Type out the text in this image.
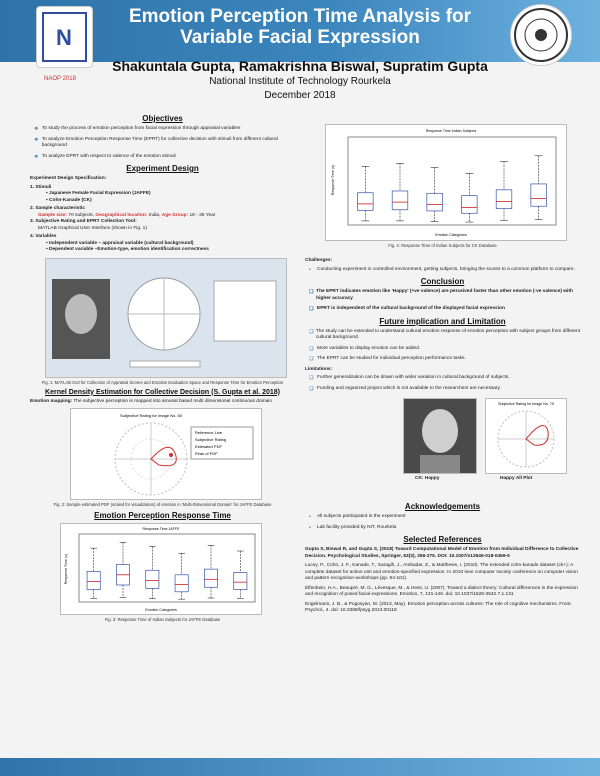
N
Emotion Perception Time Analysis for
Variable Facial Expression
NAOP 2018
Shakuntala Gupta, Ramakrishna Biswal, Supratim Gupta
National Institute of Technology Rourkela
December 2018
Objectives
❖ To study the process of emotion perception from facial expression through appraisal variables
❖ To analyze Emotion Perception Response Time (EPRT) for collective decision with stimuli from different cultural background
❖ To analyze EPRT with respect to valence of the emotion stimuli
Experiment Design
Experiment Design Specification:
1. Stimuli
▪ Japanese Female Facial Expression (JAFFE)
▪ Cohn-Kanade (CK)
2. Sample characteristic
Sample size: 70 subjects, Geographical location: India, Age Group: 18 - 35 Year
3. Subjective Rating and EPRT Collection Tool:
MATLAB Graphical User Interface (shown in Fig. 1)
4. Variables
▪ Independent variable – appraisal variable (cultural background)
▪ Dependent variable –Emotion-type, emotion identification correctness
Fig. 1: MATLAB GUI for Collection of Appraisal Scores and Emotion Evaluation Space and Response Time for Emotion Perception
Kernel Density Estimation for Collective Decision (S. Gupta et al. 2018)
Emotion mapping: The subjective perception is mapped into arousal based multi dimensional continuous domain
Subjective Rating for Image No. 60
Reference Line
Subjective Rating
Estimated PDF
Peak of PDF
Fig. 2: Sample estimated PDF (scaled for visualization) of emotion in 'Multi-Dimensional Domain' for JAFFE Database
Emotion Perception Response Time
Response Time JAFFE
Response Time (s)
Emotion Categories
Fig. 3: Response Time of Indian Subjects for JAFFE Database
Response Time Indian Subjects
Response Time (s)
Emotion Categories
Fig. 4: Response Time of Indian Subjects for CK Database
Challenges:
•	Conducting experiment in controlled environment, getting subjects, bringing the scores to a common platform to compare.
Conclusion
❑ The EPRT indicates emotion like 'Happy' (+ve valence) are perceived faster than other emotion (-ve valence) with higher accuracy
❑ EPRT is independent of the cultural background of the displayed facial expression
Future implication and Limitation
❑ The study can be extended to understand cultural emotion response of emotion perception with subject groups from different cultural background.
❑ More variables to display emotion can be added.
❑ The EPRT can be studied for individual perception performance tasks.
Limitations:
❑ Further generalization can be drawn with wider variation in cultural background of subjects.
❑ Funding and organized project which is not available to the researchers are necessary.
Subjective Rating for Image No. 75
CK: Happy	Happy All Plot
Acknowledgements
•	All subjects participated in the experiment
•	Lab facility provided by NIT, Rourkela
Selected References
Gupta S, Biswal R, and Gupta S, (2018) Toward Computational Model of Emotion from Individual Difference to Collective Decision. Psychological Studies, Springer, 63(3), 266-275. DOI: 10.1007/s12646-018-0459-5
Lucey, P., Cohn, J. F., Kanade, T., Saragih, J., Ambadar, Z., & Matthews, I. (2010). The extended cohn-kanade dataset (ck+): A complete dataset for action unit and emotion-specified expression. In 2010 ieee computer society conference on computer vision and pattern recognition-workshops (pp. 94-101).
Elfenbein, H.A., Beaupré, M. G., Lévesque, M., & Hess, U. (2007). Toward a dialect theory: Cultural differences in the expression and recognition of posed facial expressions. Emotion, 7, 131-146. doi: 10.1037/1528-3542.7.1.131
Engelmann, J. B., & Pogosyan, M. (2013, May). Emotion perception across cultures: The role of cognitive mechanisms. Front. Psychol., 4. doi: 10.3389/fpsyg.2013.00118
